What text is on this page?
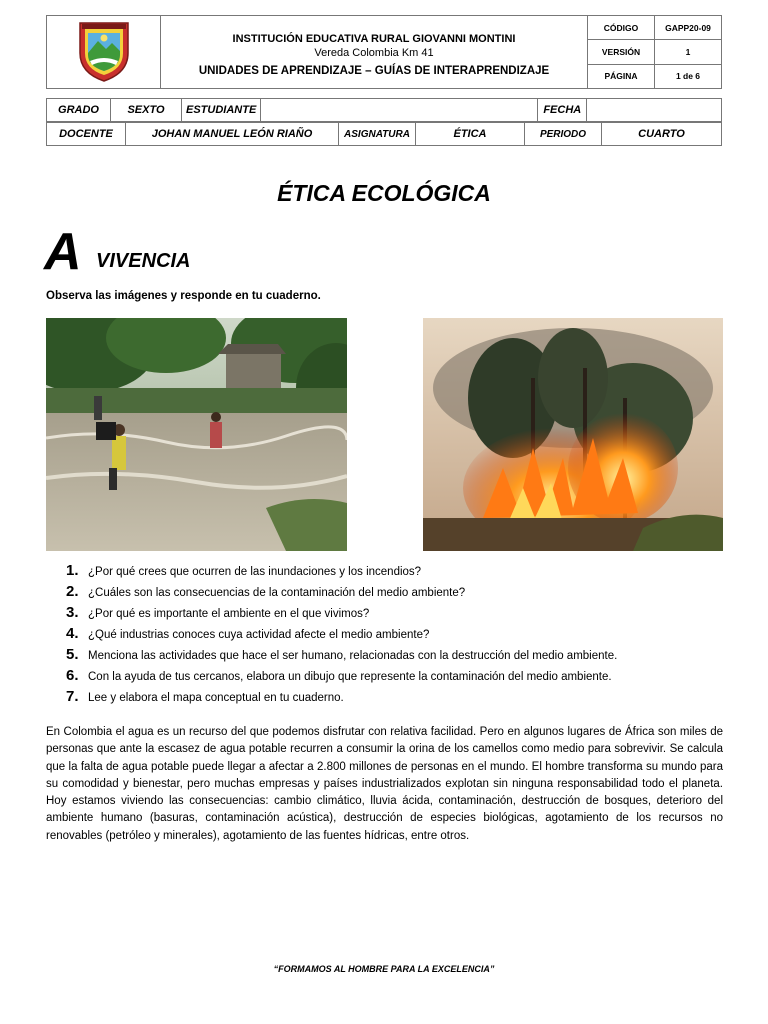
INSTITUCIÓN EDUCATIVA RURAL GIOVANNI MONTINI
Vereda Colombia Km 41
UNIDADES DE APRENDIZAJE – GUÍAS DE INTERAPRENDIZAJE	CÓDIGO	GAPP20-09
		VERSIÓN	1
		PÁGINA	1 de 6
GRADO	SEXTO	ESTUDIANTE		FECHA	
DOCENTE	JOHAN MANUEL LEÓN RIAÑO	ASIGNATURA	ÉTICA	PERIODO	CUARTO
ÉTICA ECOLÓGICA
A VIVENCIA
Observa las imágenes y responde en tu cuaderno.
1. ¿Por qué crees que ocurren de las inundaciones y los incendios?
2. ¿Cuáles son las consecuencias de la contaminación del medio ambiente?
3. ¿Por qué es importante el ambiente en el que vivimos?
4. ¿Qué industrias conoces cuya actividad afecte el medio ambiente?
5. Menciona las actividades que hace el ser humano, relacionadas con la destrucción del medio ambiente.
6. Con la ayuda de tus cercanos, elabora un dibujo que represente la contaminación del medio ambiente.
7. Lee y elabora el mapa conceptual en tu cuaderno.
En Colombia el agua es un recurso del que podemos disfrutar con relativa facilidad. Pero en algunos lugares de África son miles de personas que ante la escasez de agua potable recurren a consumir la orina de los camellos como medio para sobrevivir. Se calcula que la falta de agua potable puede llegar a afectar a 2.800 millones de personas en el mundo. El hombre transforma su mundo para su comodidad y bienestar, pero muchas empresas y países industrializados explotan sin ninguna responsabilidad todo el planeta. Hoy estamos viviendo las consecuencias: cambio climático, lluvia ácida, contaminación, destrucción de bosques, deterioro del ambiente humano (basuras, contaminación acústica), destrucción de especies biológicas, agotamiento de los recursos no renovables (petróleo y minerales), agotamiento de las fuentes hídricas, entre otros.
“FORMAMOS AL HOMBRE PARA LA EXCELENCIA”
